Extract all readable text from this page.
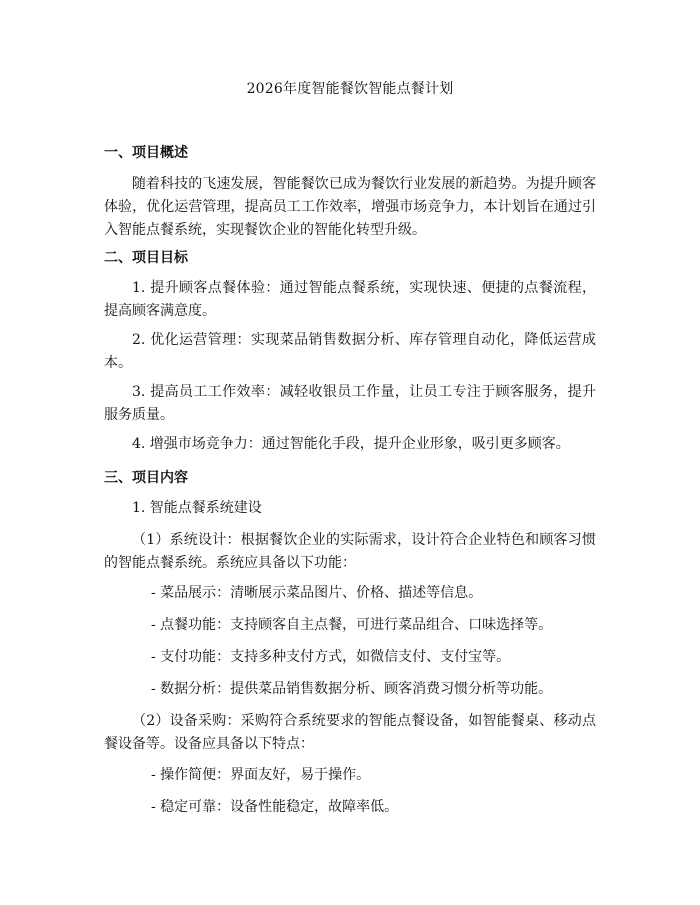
2026年度智能餐饮智能点餐计划
一、项目概述
随着科技的飞速发展，智能餐饮已成为餐饮行业发展的新趋势。为提升顾客体验，优化运营管理，提高员工工作效率，增强市场竞争力，本计划旨在通过引入智能点餐系统，实现餐饮企业的智能化转型升级。
二、项目目标
1. 提升顾客点餐体验：通过智能点餐系统，实现快速、便捷的点餐流程，提高顾客满意度。
2. 优化运营管理：实现菜品销售数据分析、库存管理自动化，降低运营成本。
3. 提高员工工作效率：减轻收银员工作量，让员工专注于顾客服务，提升服务质量。
4. 增强市场竞争力：通过智能化手段，提升企业形象，吸引更多顾客。
三、项目内容
1. 智能点餐系统建设
（1）系统设计：根据餐饮企业的实际需求，设计符合企业特色和顾客习惯的智能点餐系统。系统应具备以下功能：
- 菜品展示：清晰展示菜品图片、价格、描述等信息。
- 点餐功能：支持顾客自主点餐，可进行菜品组合、口味选择等。
- 支付功能：支持多种支付方式，如微信支付、支付宝等。
- 数据分析：提供菜品销售数据分析、顾客消费习惯分析等功能。
（2）设备采购：采购符合系统要求的智能点餐设备，如智能餐桌、移动点餐设备等。设备应具备以下特点：
- 操作简便：界面友好，易于操作。
- 稳定可靠：设备性能稳定，故障率低。
